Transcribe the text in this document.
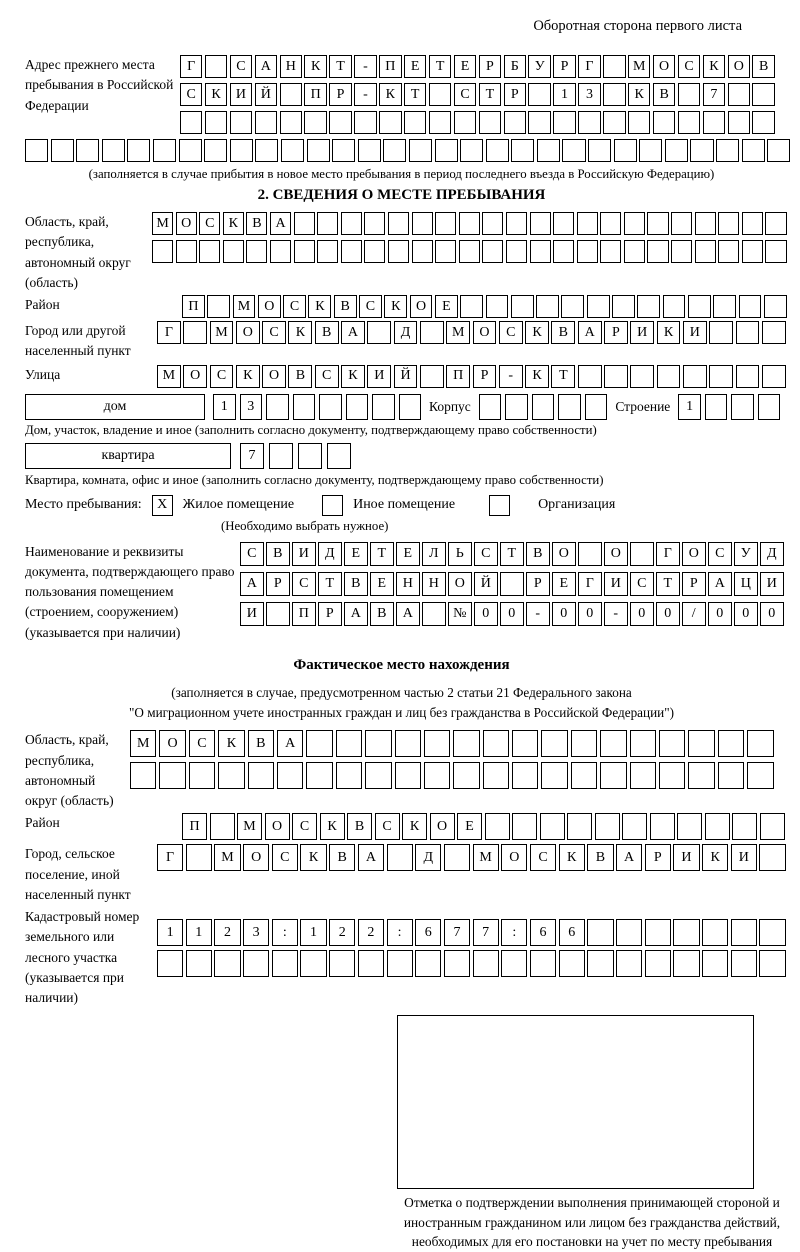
Оборотная сторона первого листа
Адрес прежнего места пребывания в Российской Федерации
Г	С	А	Н	К	Т	-	П	Е	Т	Е	Р	Б	У	Р	Г	М О	С	К	О	В
С	К	И	Й	П	Р	-	К	Т	С	Т	Р	1	3	К	В	7
(заполняется в случае прибытия в новое место пребывания в период последнего въезда в Российскую Федерацию)
2. СВЕДЕНИЯ О МЕСТЕ ПРЕБЫВАНИЯ
Область, край, республика, автономный округ (область)
М О С	К	В А
Район	П	М	О	С	К	В	С	К	О	Е
Город или другой населенный пункт
Г	М	О	С	К	В	А	Д	М	О	С	К	В	А	Р	И	К	И
Улица	М	О	С	К	О	В	С	К	И	Й	П	Р	-	К	Т
дом	1	3	Корпус	Строение	1
Дом, участок, владение и иное (заполнить согласно документу, подтверждающему право собственности)
квартира	7
Квартира, комната, офис и иное (заполнить согласно документу, подтверждающему право собственности)
Место пребывания:	X	Жилое помещение	Иное помещение	Организация
(Необходимо выбрать нужное)
Наименование и реквизиты документа, подтверждающего право пользования помещением (строением, сооружением) (указывается при наличии)
С	В	И	Д	Е	Т	Е	Л	Ь	С	Т	В	О	О	Г	О	С	У	Д
А	Р	С	Т	В	Е	Н	Н	О	Й	Р	Е	Г	И	С	Т	Р	А	Ц	И
И	П	Р	А	В	А	№	0	0	-	0	0	-	0	0	/	0	0	0
Фактическое место нахождения
(заполняется в случае, предусмотренном частью 2 статьи 21 Федерального закона
"О миграционном учете иностранных граждан и лиц без гражданства в Российской Федерации")
Область, край, республика, автономный округ (область)
М	О	С	К	В	А
Район	П	М	О	С	К	В	С	К	О	Е
Город, сельское поселение, иной населенный пункт
Г	М	О	С	К	В	А	Д	М	О	С	К	В	А	Р	И	К	И
Кадастровый номер земельного или лесного участка (указывается при наличии)
1	1	2	3	:	1	2	2	:	6	7	7	:	6	6
Отметка о подтверждении выполнения принимающей стороной и иностранным гражданином или лицом без гражданства действий, необходимых для его постановки на учет по месту пребывания
